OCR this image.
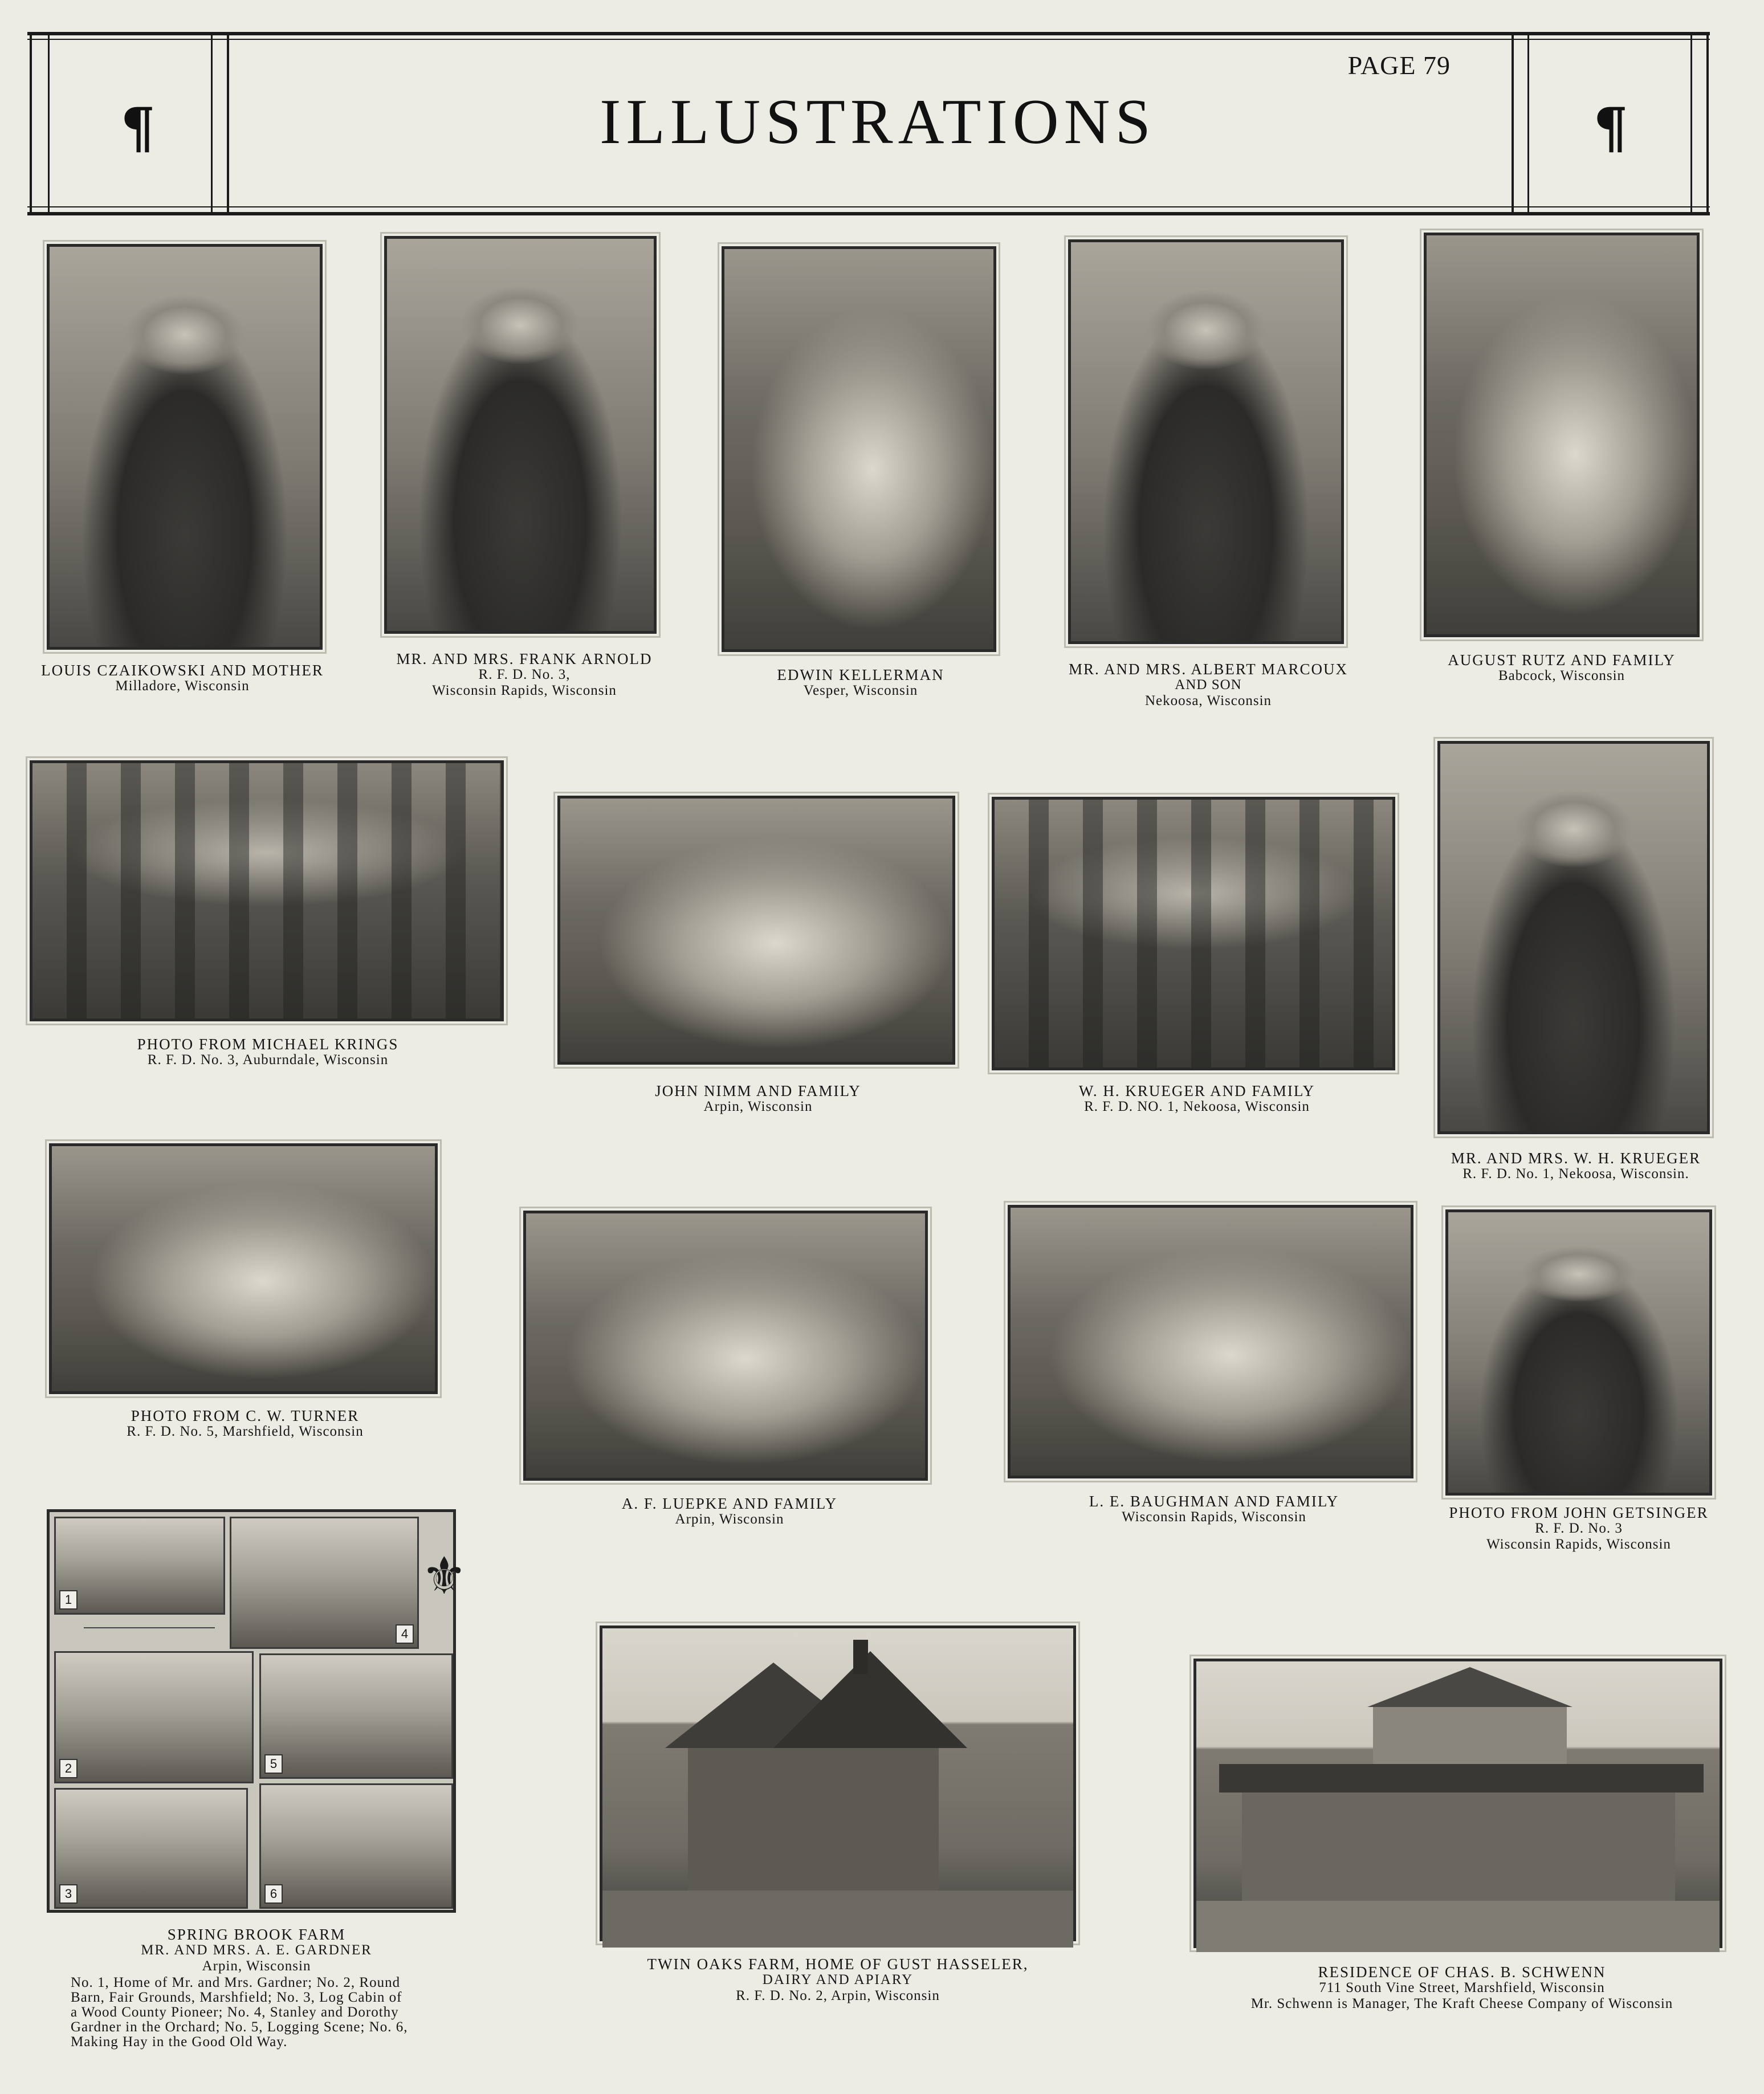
¶	¶
ILLUSTRATIONS
PAGE 79
LOUIS CZAIKOWSKI AND MOTHER
Milladore, Wisconsin
MR. AND MRS. FRANK ARNOLD
R. F. D. No. 3,
Wisconsin Rapids, Wisconsin
EDWIN KELLERMAN
Vesper, Wisconsin
MR. AND MRS. ALBERT MARCOUX
AND SON
Nekoosa, Wisconsin
AUGUST RUTZ AND FAMILY
Babcock, Wisconsin
PHOTO FROM MICHAEL KRINGS
R. F. D. No. 3, Auburndale, Wisconsin
JOHN NIMM AND FAMILY
Arpin, Wisconsin
W. H. KRUEGER AND FAMILY
R. F. D. NO. 1, Nekoosa, Wisconsin
MR. AND MRS. W. H. KRUEGER
R. F. D. No. 1, Nekoosa, Wisconsin.
PHOTO FROM C. W. TURNER
R. F. D. No. 5, Marshfield, Wisconsin
A. F. LUEPKE AND FAMILY
Arpin, Wisconsin
L. E. BAUGHMAN AND FAMILY
Wisconsin Rapids, Wisconsin	PHOTO FROM JOHN GETSINGER
R. F. D. No. 3
Wisconsin Rapids, Wisconsin
1
4
⚜
2	5
3	6
SPRING BROOK FARM
MR. AND MRS. A. E. GARDNER
Arpin, Wisconsin
No. 1, Home of Mr. and Mrs. Gardner; No. 2, Round
Barn, Fair Grounds, Marshfield; No. 3, Log Cabin of
a Wood County Pioneer; No. 4, Stanley and Dorothy
Gardner in the Orchard; No. 5, Logging Scene; No. 6,
Making Hay in the Good Old Way.
TWIN OAKS FARM, HOME OF GUST HASSELER,
DAIRY AND APIARY
R. F. D. No. 2, Arpin, Wisconsin
RESIDENCE OF CHAS. B. SCHWENN
711 South Vine Street, Marshfield, Wisconsin
Mr. Schwenn is Manager, The Kraft Cheese Company of Wisconsin
